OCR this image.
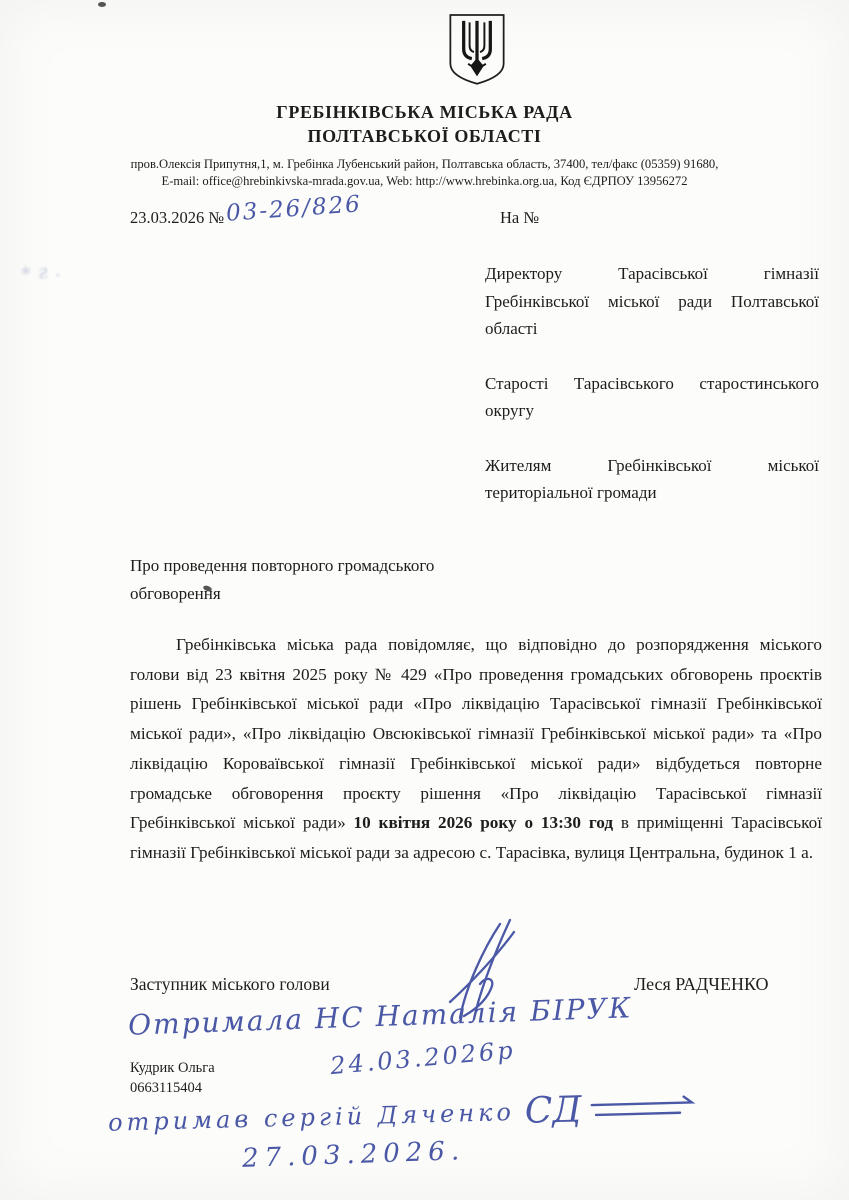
ГРЕБІНКІВСЬКА МІСЬКА РАДА
ПОЛТАВСЬКОЇ ОБЛАСТІ
пров.Олексія Припутня,1, м. Гребінка Лубенський район, Полтавська область, 37400, тел/факс (05359) 91680,
E-mail: office@hrebinkivska-mrada.gov.ua, Web: http://www.hrebinka.org.ua, Код ЄДРПОУ 13956272
23.03.2026 № 03-26/826	На №
* г .	Директору Тарасівської гімназії Гребінківської міської ради Полтавської області

Старості Тарасівського старостинського округу

Жителям Гребінківської міської територіальної громади

Про проведення повторного громадського обговорення
Гребінківська міська рада повідомляє, що відповідно до розпорядження міського голови від 23 квітня 2025 року № 429 «Про проведення громадських обговорень проєктів рішень Гребінківської міської ради «Про ліквідацію Тарасівської гімназії Гребінківської міської ради», «Про ліквідацію Овсюківської гімназії Гребінківської міської ради» та «Про ліквідацію Короваївської гімназії Гребінківської міської ради» відбудеться повторне громадське обговорення проєкту рішення «Про ліквідацію Тарасівської гімназії Гребінківської міської ради» 10 квітня 2026 року о 13:30 год в приміщенні Тарасівської гімназії Гребінківської міської ради за адресою с. Тарасівка, вулиця Центральна, будинок 1 а.
Заступник міського голови	Леся РАДЧЕНКО
Отримала НС Наталія БІРУК
24.03.2026р
Кудрик Ольга
0663115404
отримав сергій Дяченко СД
27.03.2026.
